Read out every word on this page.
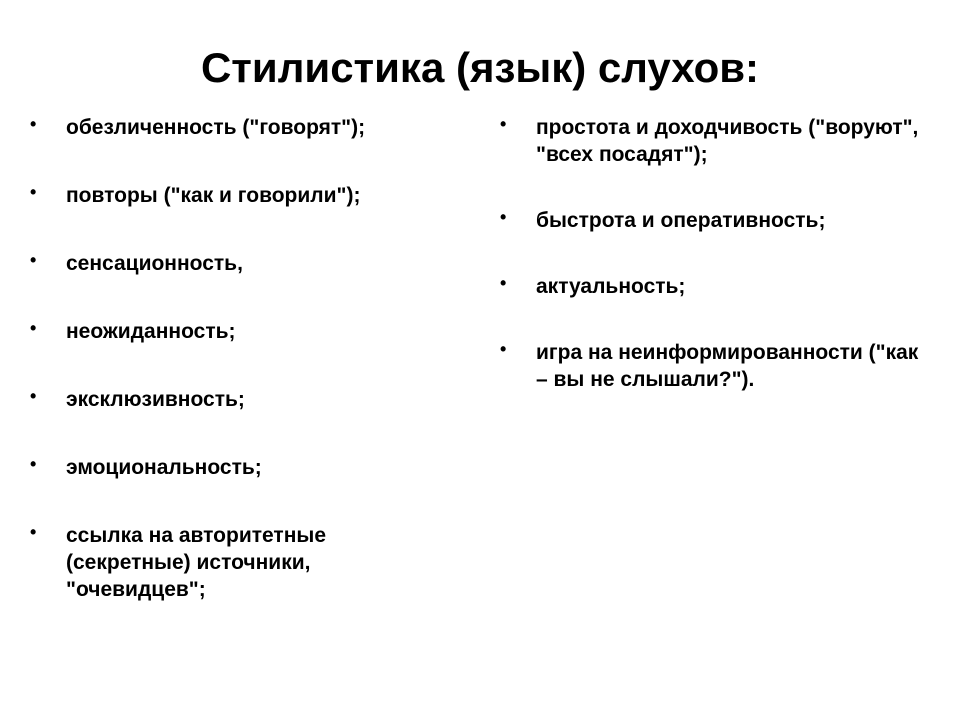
Стилистика (язык) слухов:
• обезличенность ("говорят");
• повторы ("как и говорили");
• сенсационность,
• неожиданность;
• эксклюзивность;
• эмоциональность;
• ссылка на авторитетные (секретные) источники, "очевидцев";
• простота и доходчивость ("воруют", "всех посадят");
• быстрота и оперативность;
• актуальность;
• игра на неинформированности ("как – вы не слышали?").
